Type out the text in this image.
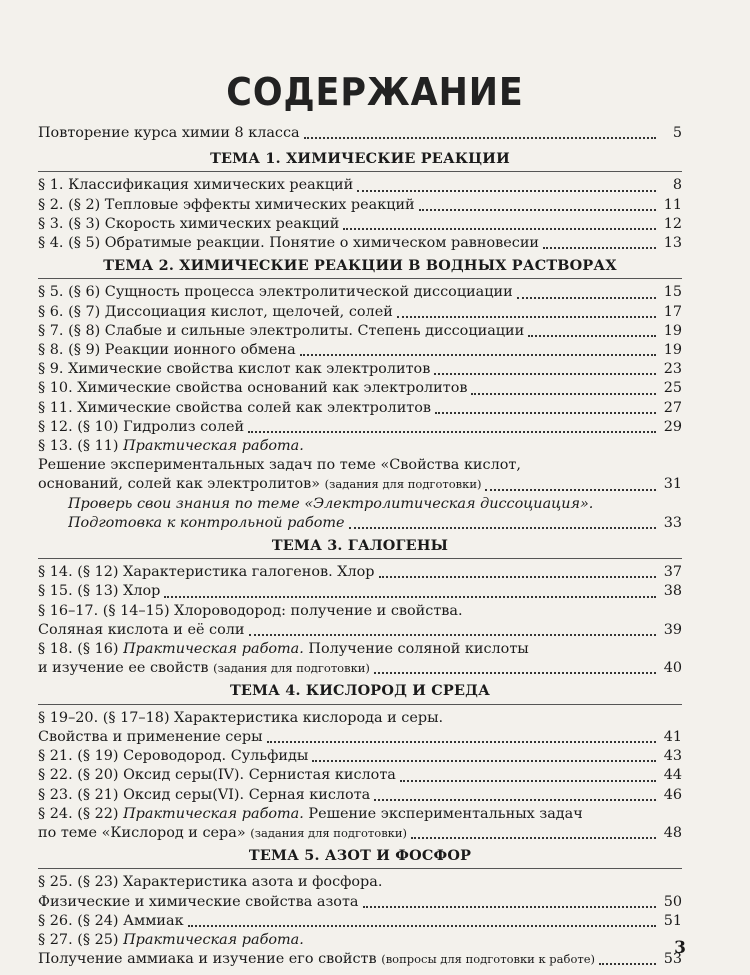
СОДЕРЖАНИЕ
Повторение курса химии 8 класса	5
ТЕМА 1. ХИМИЧЕСКИЕ РЕАКЦИИ
§ 1. Классификация химических реакций	8
§ 2. (§ 2) Тепловые эффекты химических реакций	11
§ 3. (§ 3) Скорость химических реакций	12
§ 4. (§ 5) Обратимые реакции. Понятие о химическом равновесии	13
ТЕМА 2. ХИМИЧЕСКИЕ РЕАКЦИИ В ВОДНЫХ РАСТВОРАХ
§ 5. (§ 6) Сущность процесса электролитической диссоциации	15
§ 6. (§ 7) Диссоциация кислот, щелочей, солей	17
§ 7. (§ 8) Слабые и сильные электролиты. Степень диссоциации	19
§ 8. (§ 9) Реакции ионного обмена	19
§ 9. Химические свойства кислот как электролитов	23
§ 10. Химические свойства оснований как электролитов	25
§ 11. Химические свойства солей как электролитов	27
§ 12. (§ 10) Гидролиз солей	29
§ 13. (§ 11) Практическая работа.
Решение экспериментальных задач по теме «Свойства кислот,
оснований, солей как электролитов» (задания для подготовки)	31
Проверь свои знания по теме «Электролитическая диссоциация».
Подготовка к контрольной работе	33
ТЕМА 3. ГАЛОГЕНЫ
§ 14. (§ 12) Характеристика галогенов. Хлор	37
§ 15. (§ 13) Хлор	38
§ 16–17. (§ 14–15) Хлороводород: получение и свойства.
Соляная кислота и её соли	39
§ 18. (§ 16) Практическая работа. Получение соляной кислоты
и изучение ее свойств (задания для подготовки)	40
ТЕМА 4. КИСЛОРОД И СРЕДА
§ 19–20. (§ 17–18) Характеристика кислорода и серы.
Свойства и применение серы	41
§ 21. (§ 19) Сероводород. Сульфиды	43
§ 22. (§ 20) Оксид серы(IV). Сернистая кислота	44
§ 23. (§ 21) Оксид серы(VI). Серная кислота	46
§ 24. (§ 22) Практическая работа. Решение экспериментальных задач
по теме «Кислород и сера» (задания для подготовки)	48
ТЕМА 5. АЗОТ И ФОСФОР
§ 25. (§ 23) Характеристика азота и фосфора.
Физические и химические свойства азота	50
§ 26. (§ 24) Аммиак	51
§ 27. (§ 25) Практическая работа.
Получение аммиака и изучение его свойств (вопросы для подготовки к работе)	53
3
